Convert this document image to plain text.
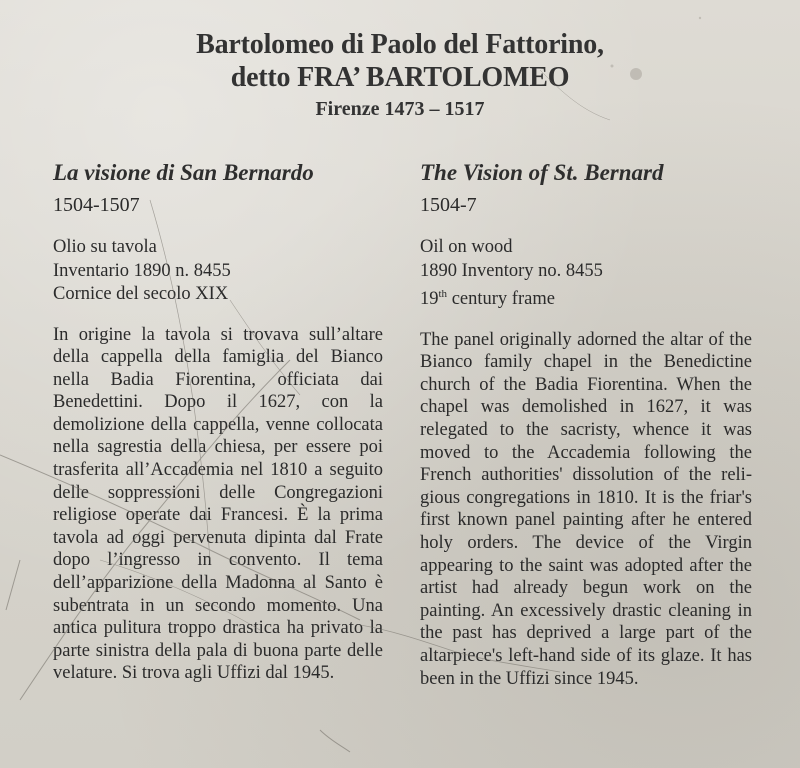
Bartolomeo di Paolo del Fattorino,
detto FRA’ BARTOLOMEO
Firenze 1473 – 1517
La visione di San Bernardo
1504-1507
Olio su tavola
Inventario 1890 n. 8455
Cornice del secolo XIX
In origine la tavola si trovava sull’altare della cappella della famiglia del Bianco nella Badia Fiorentina, officiata dai Benedettini. Dopo il 1627, con la demolizione della cappella, venne collocata nella sagrestia della chiesa, per essere poi trasferita all’Accademia nel 1810 a seguito delle soppressioni delle Congregazioni religiose operate dai Francesi. È la prima tavola ad oggi pervenuta dipinta dal Frate dopo l’ingresso in convento. Il tema dell’apparizione della Madonna al Santo è subentrata in un secondo momento. Una antica pulitura troppo drastica ha privato la parte sinistra della pala di buona parte delle velature. Si trova agli Uffizi dal 1945.
The Vision of St. Bernard
1504-7
Oil on wood
1890 Inventory no. 8455
19th century frame
The panel originally adorned the altar of the Bianco family chapel in the Benedictine church of the Badia Fiorentina. When the chapel was demolished in 1627, it was relegated to the sacristy, whence it was moved to the Accademia following the French authorities' dissolution of the religious congregations in 1810. It is the friar's first known panel painting after he entered holy orders. The device of the Virgin appearing to the saint was adopted after the artist had already begun work on the painting. An excessively drastic cleaning in the past has deprived a large part of the altarpiece's left-hand side of its glaze. It has been in the Uffizi since 1945.
